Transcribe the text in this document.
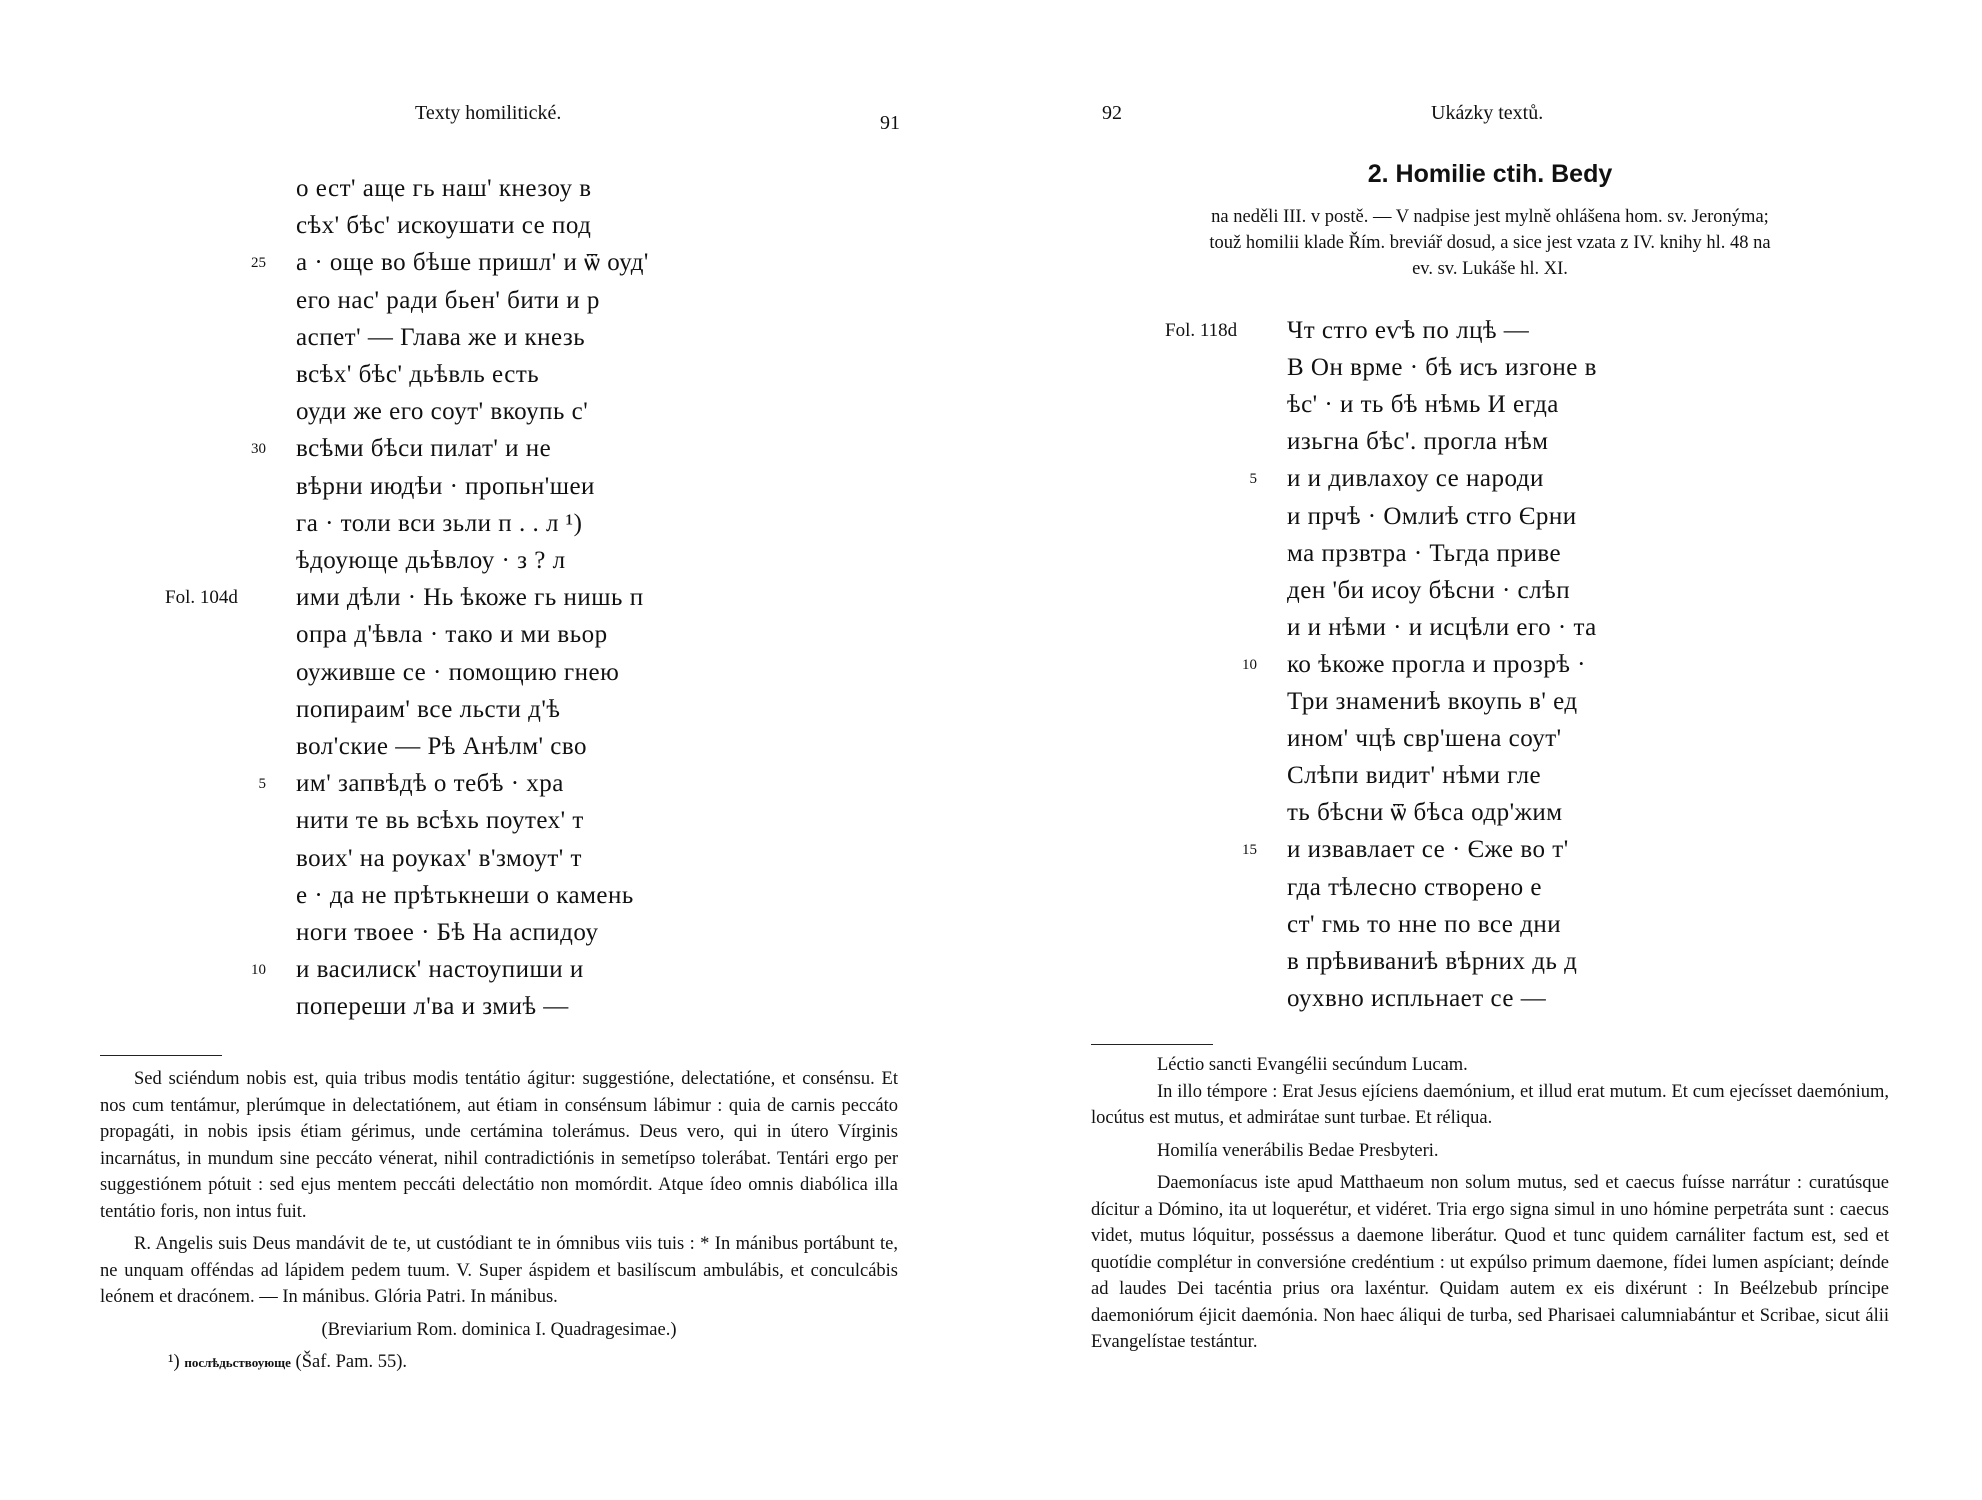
Texty homilitické.	91
о ест' аще гь наш' кнезоу в
сѣх' бѣс' искоушати се под
а · още во бѣше пришл' и ѿ оуд'
25
его нас' ради бьен' бити и р
аспет' — Глава же и кнезь
всѣх' бѣс' дьѣвль есть
оуди же его соут' вкоупь с'
всѣми бѣси пилат' и не
30
вѣрни июдѣи · пропьн'шеи
га · толи вси зьли п . . л ¹)
ѣдоующе дьѣвлоу · з ? л
ими дѣли · Нь ѣкоже гь нишь п
Fol. 104d
опра д'ѣвла · тако и ми вьор
оуживше се · помощию гнею
попираим' все льсти д'ѣ
вол'ские — Рѣ Анѣлм' сво
им' запвѣдѣ о тебѣ · хра
5
нити те вь всѣхь поутех' т
воих' на роуках' в'змоут' т
е · да не прѣтькнеши о камень
ноги твоее · Бѣ На аспидоу
и василиск' настоупиши и
10
попереши л'ва и змиѣ —

Sed sciéndum nobis est, quia tribus modis tentátio ágitur: suggestióne, delectatióne, et consénsu. Et nos cum tentámur, plerúmque in delectatiónem, aut étiam in consénsum lábimur : quia de carnis peccáto propagáti, in nobis ipsis étiam gérimus, unde certámina tolerámus. Deus vero, qui in útero Vírginis incarnátus, in mundum sine peccáto vénerat, nihil contradictiónis in semetípso tolerábat. Tentári ergo per suggestiónem pótuit : sed ejus mentem peccáti delectátio non momórdit. Atque ídeo omnis diabólica illa tentátio foris, non intus fuit.

R. Angelis suis Deus mandávit de te, ut custódiant te in ómnibus viis tuis : * In mánibus portábunt te, ne unquam offéndas ad lápidem pedem tuum. V. Super áspidem et basilíscum ambulábis, et conculcábis leónem et dracónem. — In mánibus. Glória Patri. In mánibus.

(Breviarium Rom. dominica I. Quadragesimae.)

¹) послѣдьствоующе (Šaf. Pam. 55).

92	Ukázky textů.
2. Homilie ctih. Bedy
na neděli III. v postě. — V nadpise jest mylně ohlášena hom. sv. Jeronýma;
touž homilii klade Řím. breviář dosud, a sice jest vzata z IV. knihy hl. 48 na
ev. sv. Lukáše hl. XI.
Чт стго еѵѣ по лцѣ —
В Он врме · бѣ исъ изгоне в
ѣс' · и ть бѣ нѣмь И егда
изьгна бѣс'. прогла нѣм
и и дивлахоу се народи
5
и прчѣ · Омлиѣ стго Єрни
ма прзвтра · Тьгда приве
ден 'би исоу бѣсни · слѣп
и и нѣми · и исцѣли его · та
ко ѣкоже прогла и прозрѣ ·
10
Три знамениѣ вкоупь в' ед
ином' чцѣ свр'шена соут'
Слѣпи видит' нѣми гле
ть бѣсни ѿ бѣса одр'жим
и извавлает се · Єже во т'
15
гда тѣлесно створено е
ст' гмь то нне по все дни
в прѣвиваниѣ вѣрних дь д
оухвно испльнает се —
Fol. 118d

Léctio sancti Evangélii secúndum Lucam.

In illo témpore : Erat Jesus ejíciens daemónium, et illud erat mutum. Et cum ejecísset daemónium, locútus est mutus, et admirátae sunt turbae. Et réliqua.

Homilía venerábilis Bedae Presbyteri.

Daemoníacus iste apud Matthaeum non solum mutus, sed et caecus fuísse narrátur : curatúsque dícitur a Dómino, ita ut loquerétur, et vidéret. Tria ergo signa simul in uno hómine perpetráta sunt : caecus videt, mutus lóquitur, posséssus a daemone liberátur. Quod et tunc quidem carnáliter factum est, sed et quotídie complétur in conversióne credéntium : ut expúlso primum daemone, fídei lumen aspíciant; deínde ad laudes Dei tacéntia prius ora laxéntur. Quidam autem ex eis dixérunt : In Beélzebub príncipe daemoniórum éjicit daemónia. Non haec áliqui de turba, sed Pharisaei calumniabántur et Scribae, sicut álii Evangelístae testántur.
